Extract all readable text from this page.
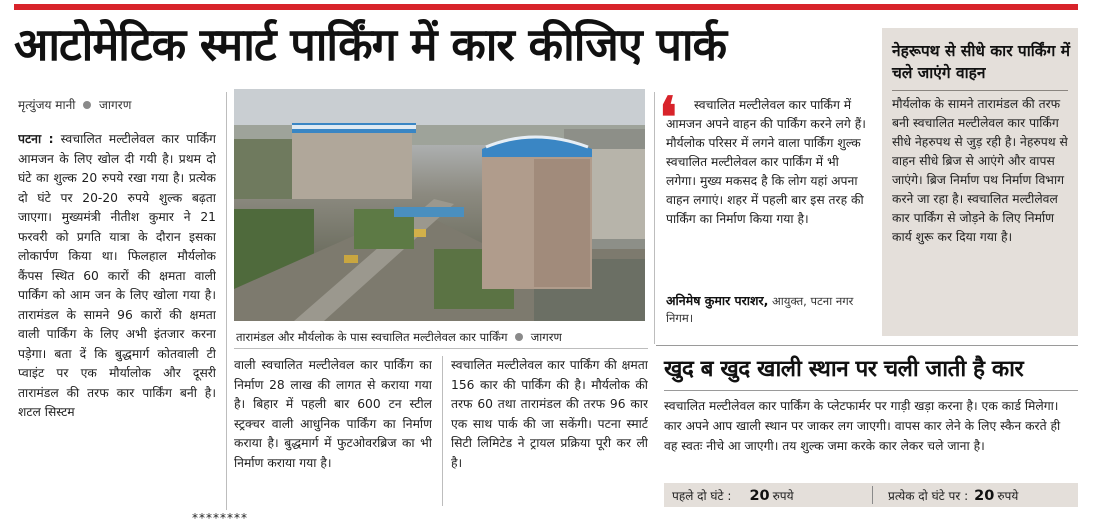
आटोमेटिक स्मार्ट पार्किंग में कार कीजिए पार्क
मृत्युंजय मानी जागरण
पटना : स्वचालित मल्टीलेवल कार पार्किंग आमजन के लिए खोल दी गयी है। प्रथम दो घंटे का शुल्क 20 रुपये रखा गया है। प्रत्येक दो घंटे पर 20-20 रुपये शुल्क बढ़ता जाएगा। मुख्यमंत्री नीतीश कुमार ने 21 फरवरी को प्रगति यात्रा के दौरान इसका लोकार्पण किया था। फिलहाल मौर्यलोक कैंपस स्थित 60 कारों की क्षमता वाली पार्किंग को आम जन के लिए खोला गया है। तारामंडल के सामने 96 कारों की क्षमता वाली पार्किंग के लिए अभी इंतजार करना पड़ेगा। बता दें कि बुद्धमार्ग कोतवाली टी प्वाइंट पर एक मौर्यालोक और दूसरी तारामंडल की तरफ कार पार्किंग बनी है। शटल सिस्टम
तारामंडल और मौर्यलोक के पास स्वचालित मल्टीलेवल कार पार्किंग जागरण
वाली स्वचालित मल्टीलेवल कार पार्किंग का निर्माण 28 लाख की लागत से कराया गया है। बिहार में पहली बार 600 टन स्टील स्ट्रक्चर वाली आधुनिक पार्किंग का निर्माण कराया है। बुद्धमार्ग में फुटओवरब्रिज का भी निर्माण कराया गया है।
स्वचालित मल्टीलेवल कार पार्किंग की क्षमता 156 कार की पार्किंग की है। मौर्यलोक की तरफ 60 तथा तारामंडल की तरफ 96 कार एक साथ पार्क की जा सकेंगी। पटना स्मार्ट सिटी लिमिटेड ने ट्रायल प्रक्रिया पूरी कर ली है।
********
❛	स्वचालित मल्टीलेवल कार पार्किंग में आमजन अपने वाहन की पार्किंग करने लगे हैं। मौर्यलोक परिसर में लगने वाला पार्किंग शुल्क स्वचालित मल्टीलेवल कार पार्किंग में भी लगेगा। मुख्य मकसद है कि लोग यहां अपना वाहन लगाएं। शहर में पहली बार इस तरह की पार्किंग का निर्माण किया गया है।
अनिमेष कुमार पराशर, आयुक्त, पटना नगर निगम।
नेहरूपथ से सीधे कार पार्किंग में चले जाएंगे वाहन
मौर्यलोक के सामने तारामंडल की तरफ बनी स्वचालित मल्टीलेवल कार पार्किंग सीधे नेहरुपथ से जुड़ रही है। नेहरुपथ से वाहन सीधे ब्रिज से आएंगे और वापस जाएंगे। ब्रिज निर्माण पथ निर्माण विभाग करने जा रहा है। स्वचालित मल्टीलेवल कार पार्किंग से जोड़ने के लिए निर्माण कार्य शुरू कर दिया गया है।
खुद ब खुद खाली स्थान पर चली जाती है कार
स्वचालित मल्टीलेवल कार पार्किंग के प्लेटफार्मर पर गाड़ी खड़ा करना है। एक कार्ड मिलेगा। कार अपने आप खाली स्थान पर जाकर लग जाएगी। वापस कार लेने के लिए स्कैन करते ही वह स्वतः नीचे आ जाएगी। तय शुल्क जमा करके कार लेकर चले जाना है।
पहले दो घंटे : 20 रुपये	प्रत्येक दो घंटे पर : 20 रुपये
